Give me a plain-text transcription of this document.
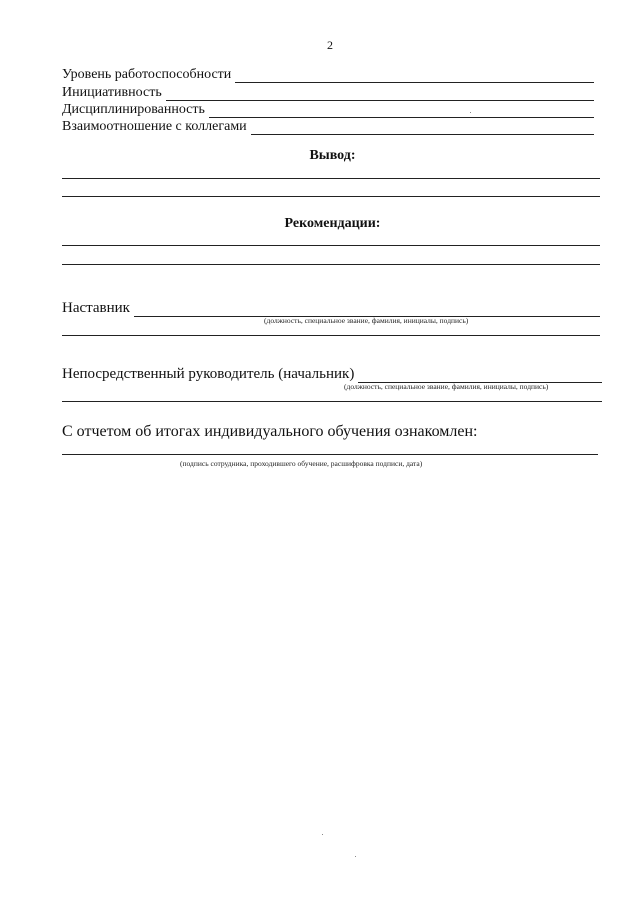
2
Уровень работоспособности
Инициативность
Дисциплинированность
Взаимоотношение с коллегами
Вывод:
Рекомендации:
Наставник
(должность, специальное звание, фамилия, инициалы, подпись)
Непосредственный руководитель (начальник)
(должность, специальное звание, фамилия, инициалы, подпись)
С отчетом об итогах индивидуального обучения ознакомлен:
(подпись сотрудника, проходившего обучение, расшифровка подписи, дата)
